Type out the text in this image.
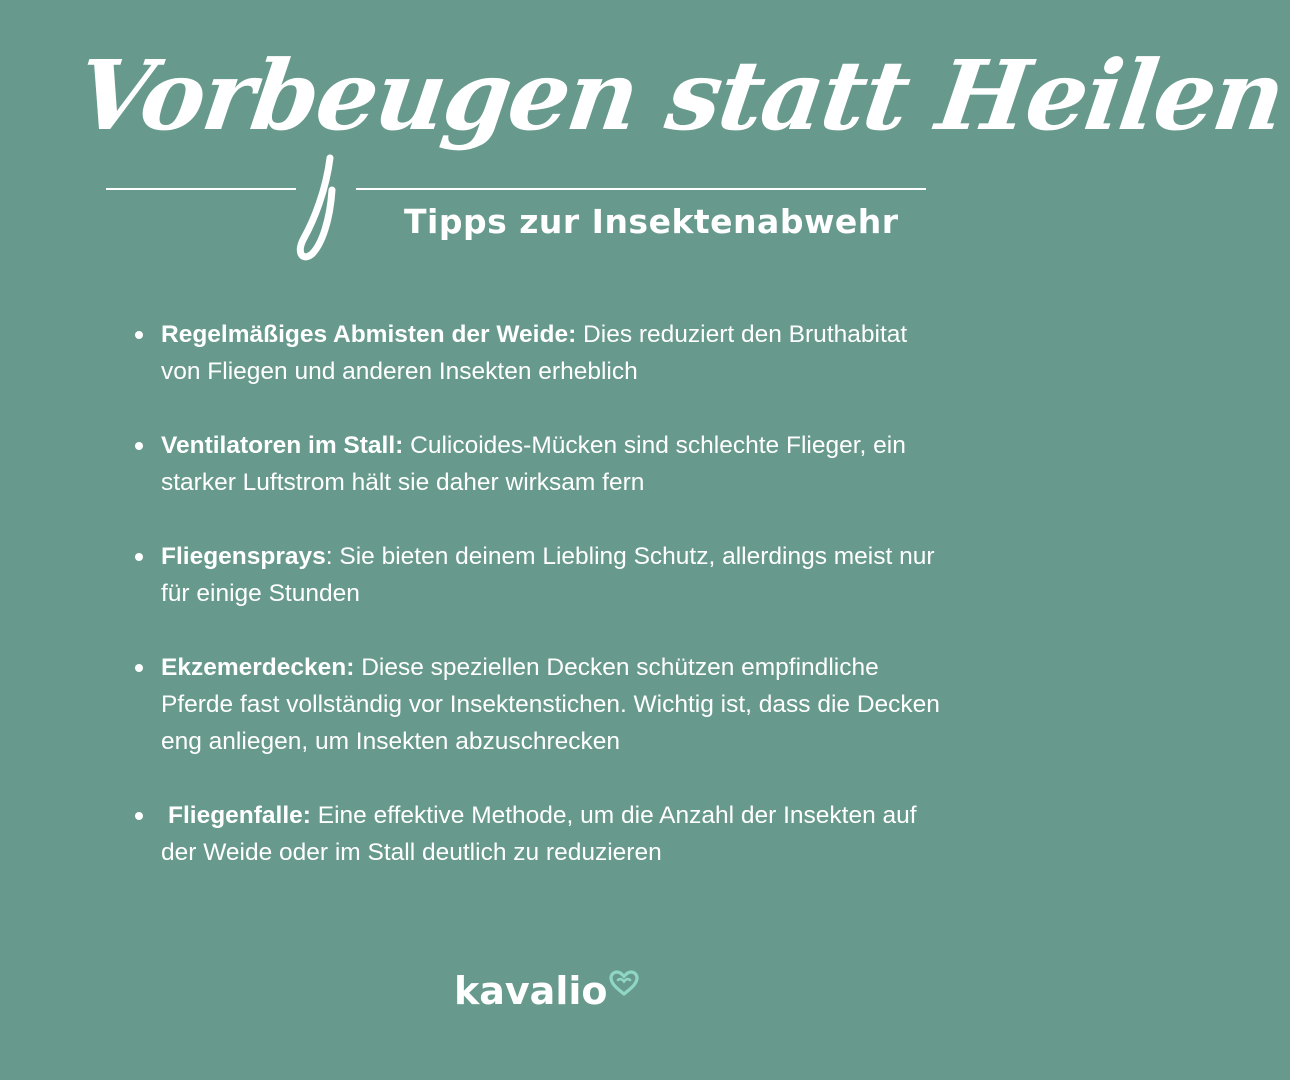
Vorbeugen statt Heilen
Tipps zur Insektenabwehr
Regelmäßiges Abmisten der Weide: Dies reduziert den Bruthabitat von Fliegen und anderen Insekten erheblich
Ventilatoren im Stall: Culicoides-Mücken sind schlechte Flieger, ein starker Luftstrom hält sie daher wirksam fern
Fliegensprays: Sie bieten deinem Liebling Schutz, allerdings meist nur für einige Stunden
Ekzemerdecken: Diese speziellen Decken schützen empfindliche Pferde fast vollständig vor Insektenstichen. Wichtig ist, dass die Decken eng anliegen, um Insekten abzuschrecken
Fliegenfalle: Eine effektive Methode, um die Anzahl der Insekten auf der Weide oder im Stall deutlich zu reduzieren
kavalio
